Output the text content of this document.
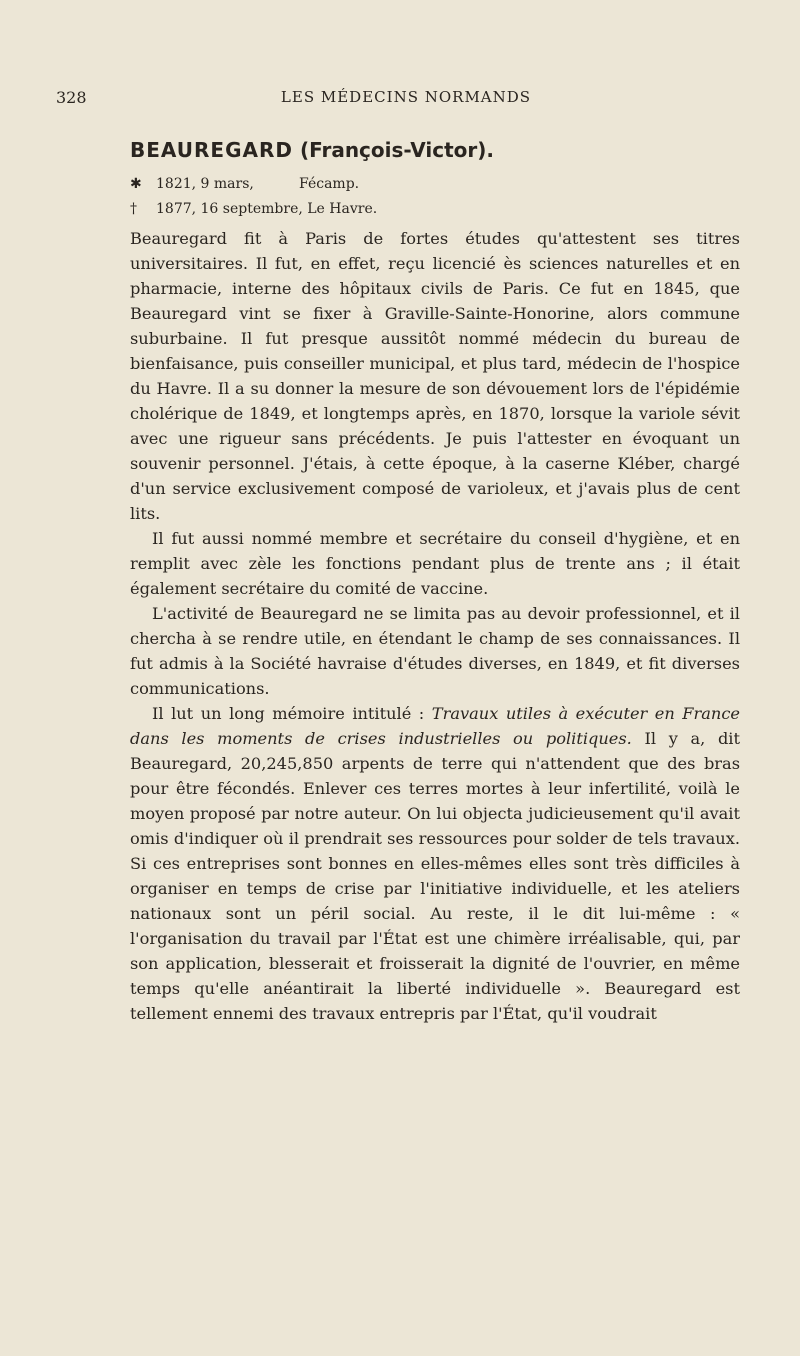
328	LES MÉDECINS NORMANDS
BEAUREGARD (François-Victor).
✱ 1821, 9 mars,	Fécamp.
† 1877, 16 septembre, Le Havre.

Beauregard fit à Paris de fortes études qu'attestent ses titres universitaires. Il fut, en effet, reçu licencié ès sciences naturelles et en pharmacie, interne des hôpitaux civils de Paris. Ce fut en 1845, que Beauregard vint se fixer à Graville-Sainte-Honorine, alors commune suburbaine. Il fut presque aussitôt nommé médecin du bureau de bienfaisance, puis conseiller municipal, et plus tard, médecin de l'hospice du Havre. Il a su donner la mesure de son dévouement lors de l'épidémie cholérique de 1849, et longtemps après, en 1870, lorsque la variole sévit avec une rigueur sans précédents. Je puis l'attester en évoquant un souvenir personnel. J'étais, à cette époque, à la caserne Kléber, chargé d'un service exclusivement composé de varioleux, et j'avais plus de cent lits.

Il fut aussi nommé membre et secrétaire du conseil d'hygiène, et en remplit avec zèle les fonctions pendant plus de trente ans ; il était également secrétaire du comité de vaccine.

L'activité de Beauregard ne se limita pas au devoir professionnel, et il chercha à se rendre utile, en étendant le champ de ses connaissances. Il fut admis à la Société havraise d'études diverses, en 1849, et fit diverses communications.

Il lut un long mémoire intitulé : Travaux utiles à exécuter en France dans les moments de crises industrielles ou politiques. Il y a, dit Beauregard, 20,245,850 arpents de terre qui n'attendent que des bras pour être fécondés. Enlever ces terres mortes à leur infertilité, voilà le moyen proposé par notre auteur. On lui objecta judicieusement qu'il avait omis d'indiquer où il prendrait ses ressources pour solder de tels travaux. Si ces entreprises sont bonnes en elles-mêmes elles sont très difficiles à organiser en temps de crise par l'initiative individuelle, et les ateliers nationaux sont un péril social. Au reste, il le dit lui-même : « l'organisation du travail par l'État est une chimère irréalisable, qui, par son application, blesserait et froisserait la dignité de l'ouvrier, en même temps qu'elle anéantirait la liberté individuelle ». Beauregard est tellement ennemi des travaux entrepris par l'État, qu'il voudrait
